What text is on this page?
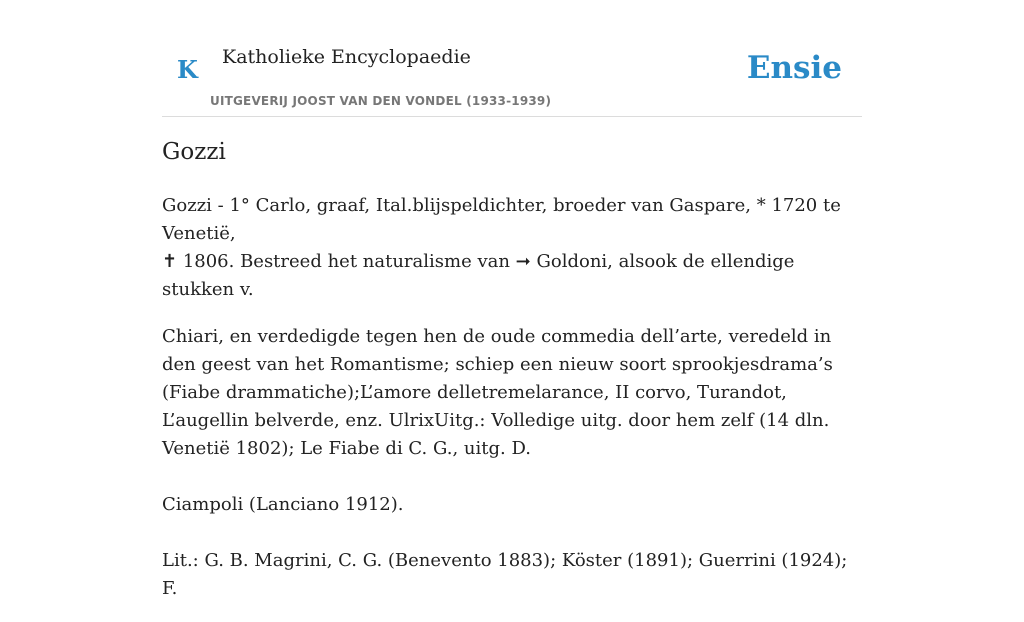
K Katholieke Encyclopaedie
UITGEVERIJ JOOST VAN DEN VONDEL (1933-1939)
Ensie
Gozzi

Gozzi - 1° Carlo, graaf, Ital.blijspeldichter, broeder van Gaspare, * 1720 te Venetië,
✝ 1806. Bestreed het naturalisme van ➞ Goldoni, alsook de ellendige stukken v.

Chiari, en verdedigde tegen hen de oude commedia dell’arte, veredeld in den geest van het Romantisme; schiep een nieuw soort sprookjesdrama’s (Fiabe drammatiche);L’amore delletremelarance, II corvo, Turandot, L’augellin belverde, enz. UlrixUitg.: Volledige uitg. door hem zelf (14 dln. Venetië 1802); Le Fiabe di C. G., uitg. D.

Ciampoli (Lanciano 1912).

Lit.: G. B. Magrini, C. G. (Benevento 1883); Köster (1891); Guerrini (1924); F.
